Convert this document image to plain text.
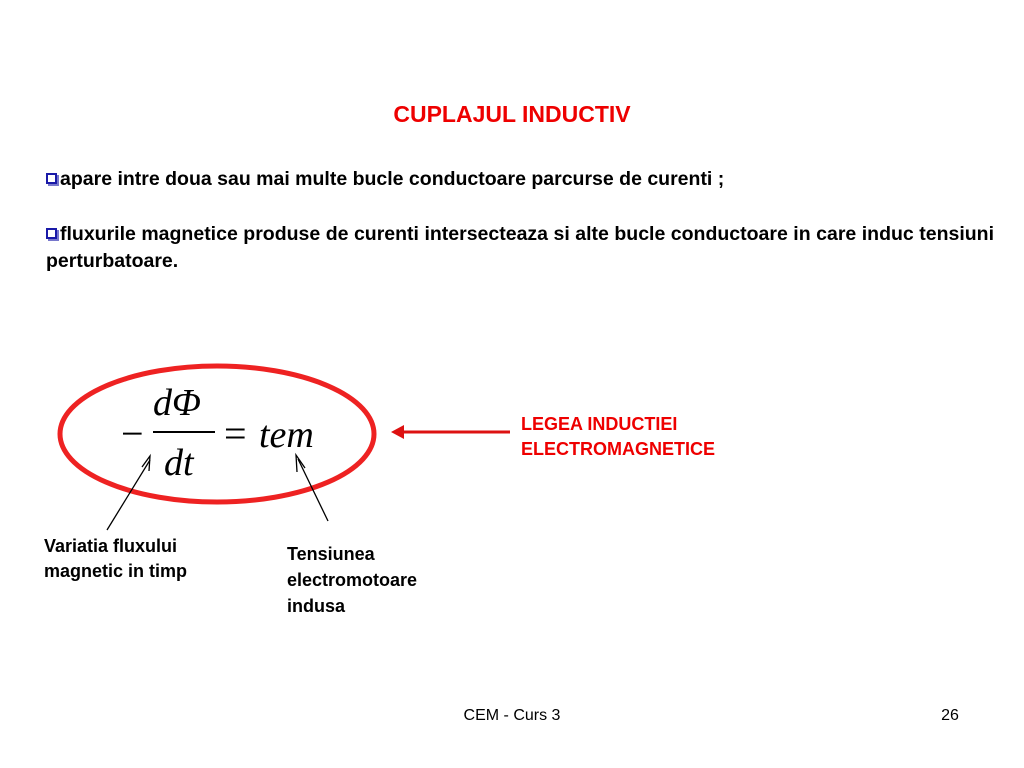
CUPLAJUL INDUCTIV
apare intre doua sau mai multe bucle conductoare parcurse de curenti ;
fluxurile magnetice produse de curenti intersecteaza si alte bucle conductoare in care induc tensiuni perturbatoare.
−
dΦ
dt
= tem	LEGEA INDUCTIEI
ELECTROMAGNETICE
Variatia fluxului
magnetic in timp
Tensiunea
electromotoare
indusa
CEM - Curs 3	26
